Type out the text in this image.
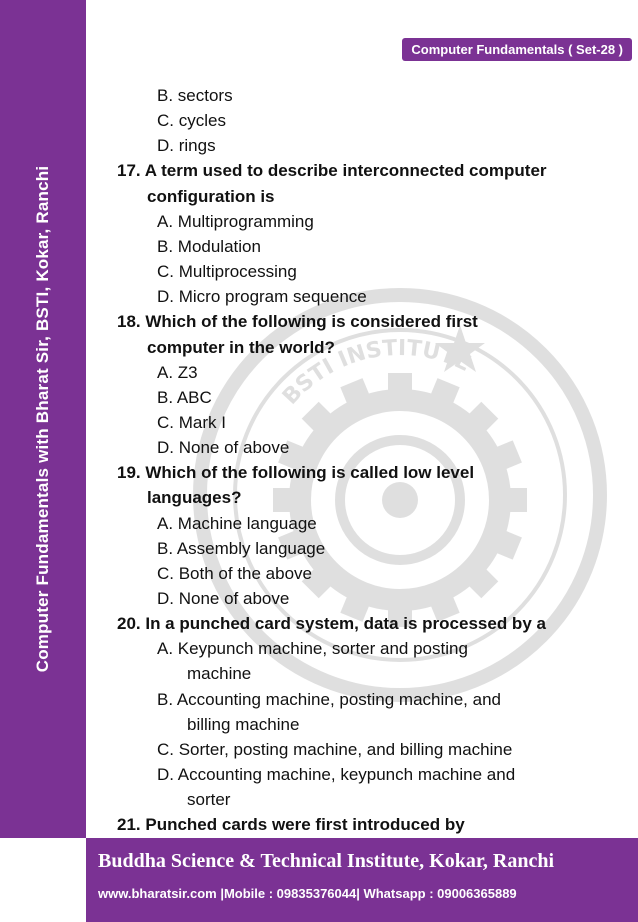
Computer Fundamentals with Bharat Sir, BSTI, Kokar, Ranchi
Computer Fundamentals ( Set-28 )
BSTI INSTITUTE
B. sectors
C. cycles
D. rings
17. A term used to describe interconnected computer
configuration is
A. Multiprogramming
B. Modulation
C. Multiprocessing
D. Micro program sequence
18. Which of the following is considered first
computer in the world?
A. Z3
B. ABC
C. Mark I
D. None of above
19. Which of the following is called low level
languages?
A. Machine language
B. Assembly language
C. Both of the above
D. None of above
20. In a punched card system, data is processed by a
A. Keypunch machine, sorter and posting
machine
B. Accounting machine, posting machine, and
billing machine
C. Sorter, posting machine, and billing machine
D. Accounting machine, keypunch machine and
sorter
21. Punched cards were first introduced by
Buddha Science & Technical Institute, Kokar, Ranchi
www.bharatsir.com |Mobile : 09835376044| Whatsapp : 09006365889
